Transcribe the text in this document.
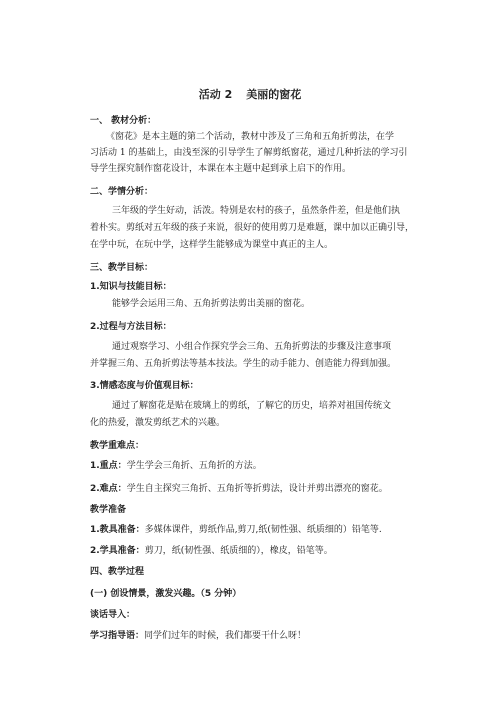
活动 2 美丽的窗花
一、 教材分析：
《窗花》是本主题的第二个活动，教材中涉及了三角和五角折剪法，在学
习活动 1 的基础上，由浅至深的引导学生了解剪纸窗花，通过几种折法的学习引
导学生探究制作窗花设计，本课在本主题中起到承上启下的作用。
二、学情分析：
三年级的学生好动，活泼。特别是农村的孩子，虽然条件差，但是他们执
着朴实。剪纸对五年级的孩子来说，很好的使用剪刀是难题，课中加以正确引导，
在学中玩，在玩中学，这样学生能够成为课堂中真正的主人。
三、教学目标：
1.知识与技能目标：
能够学会运用三角、五角折剪法剪出美丽的窗花。
2.过程与方法目标：
通过观察学习、小组合作探究学会三角、五角折剪法的步骤及注意事项
并掌握三角、五角折剪法等基本技法。学生的动手能力、创造能力得到加强。
3.情感态度与价值观目标：
通过了解窗花是贴在玻璃上的剪纸，了解它的历史，培养对祖国传统文
化的热爱，激发剪纸艺术的兴趣。
教学重难点：
1.重点：学生学会三角折、五角折的方法。
2.难点：学生自主探究三角折、五角折等折剪法，设计并剪出漂亮的窗花。
教学准备
1.教具准备：多媒体课件，剪纸作品,剪刀,纸(韧性强、纸质细的）铅笔等.
2.学具准备：剪刀，纸(韧性强、纸质细的），橡皮，铅笔等。
四、教学过程
(一) 创设情景，激发兴趣。（5 分钟）
谈话导入：
学习指导语：同学们过年的时候，我们都要干什么呀！
